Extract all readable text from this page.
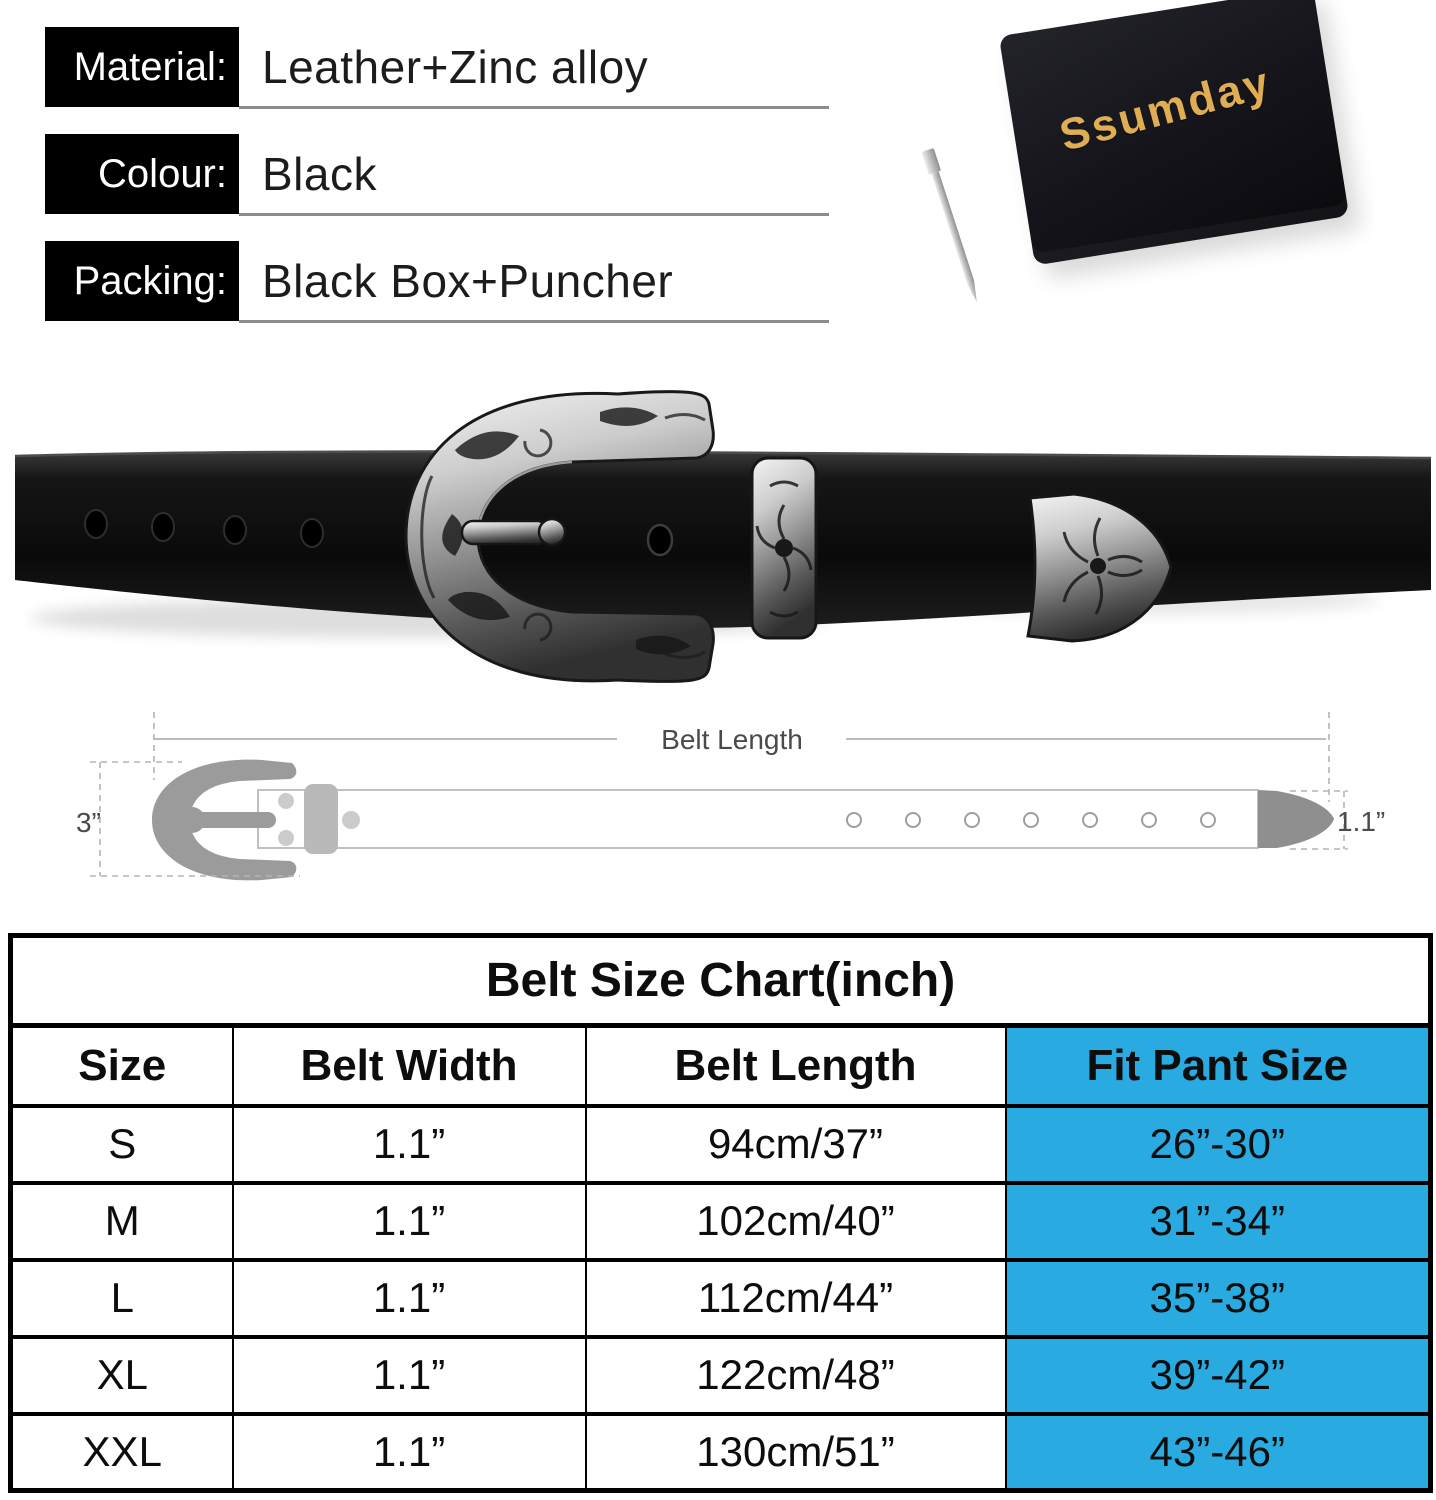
Material: Leather+Zinc alloy
Colour: Black
Packing: Black Box+Puncher
Ssumday
Belt Length
3”	1.1”
Belt Size Chart(inch)			
Size	Belt Width	Belt Length	Fit Pant Size
S	1.1”	94cm/37”	26”-30”
M	1.1”	102cm/40”	31”-34”
L	1.1”	112cm/44”	35”-38”
XL	1.1”	122cm/48”	39”-42”
XXL	1.1”	130cm/51”	43”-46”
